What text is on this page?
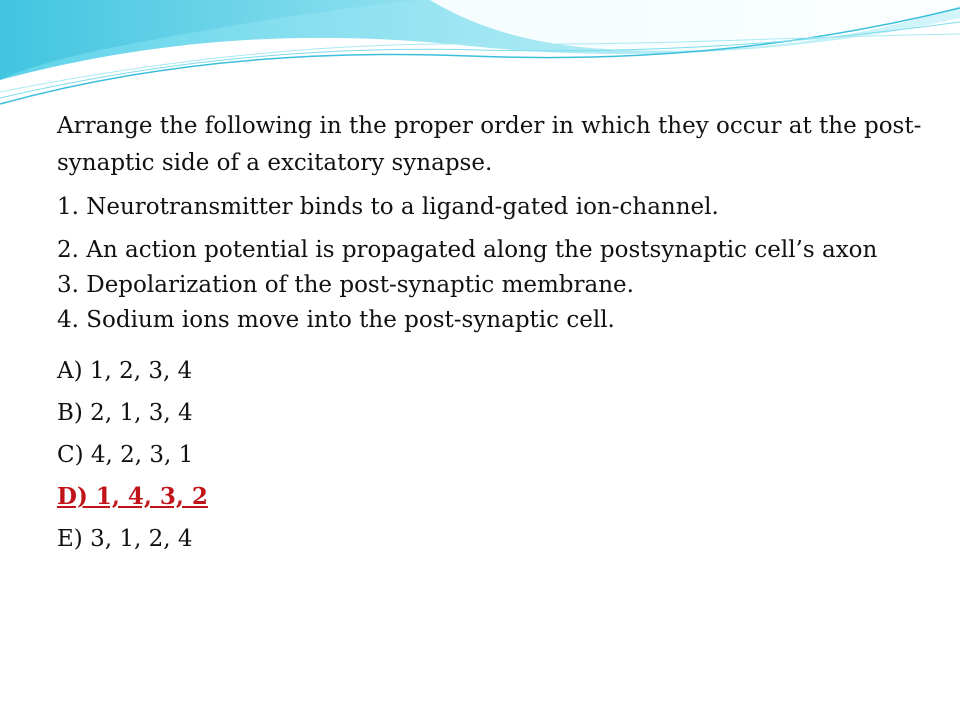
Arrange the following in the proper order in which they occur at the post-synaptic side of a excitatory synapse.

1. Neurotransmitter binds to a ligand-gated ion-channel.
2. An action potential is propagated along the postsynaptic cell’s axon
3. Depolarization of the post-synaptic membrane.
4. Sodium ions move into the post-synaptic cell.
A) 1, 2, 3, 4
B) 2, 1, 3, 4
C) 4, 2, 3, 1
D) 1, 4, 3, 2
E) 3, 1, 2, 4
